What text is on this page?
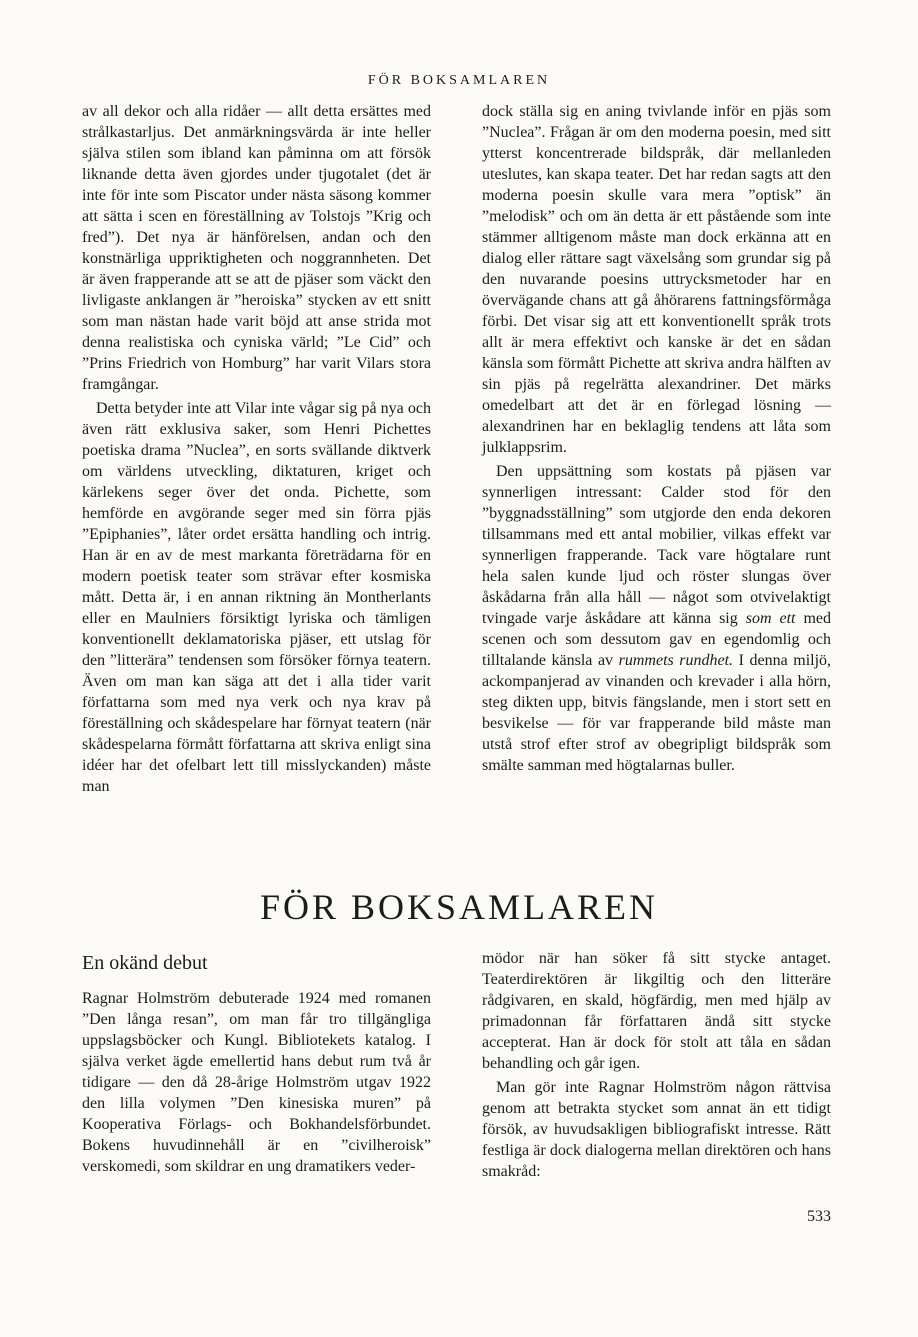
FÖR BOKSAMLAREN

av all dekor och alla ridåer — allt detta ersättes med strålkastarljus. Det anmärkningsvärda är inte heller själva stilen som ibland kan påminna om att försök liknande detta även gjordes under tjugotalet (det är inte för inte som Piscator under nästa säsong kommer att sätta i scen en föreställning av Tolstojs ”Krig och fred”). Det nya är hänförelsen, andan och den konstnärliga uppriktigheten och noggrannheten. Det är även frapperande att se att de pjäser som väckt den livligaste anklangen är ”heroiska” stycken av ett snitt som man nästan hade varit böjd att anse strida mot denna realistiska och cyniska värld; ”Le Cid” och ”Prins Friedrich von Homburg” har varit Vilars stora framgångar.

Detta betyder inte att Vilar inte vågar sig på nya och även rätt exklusiva saker, som Henri Pichettes poetiska drama ”Nuclea”, en sorts svällande diktverk om världens utveckling, diktaturen, kriget och kärlekens seger över det onda. Pichette, som hemförde en avgörande seger med sin förra pjäs ”Epiphanies”, låter ordet ersätta handling och intrig. Han är en av de mest markanta företrädarna för en modern poetisk teater som strävar efter kosmiska mått. Detta är, i en annan riktning än Montherlants eller en Maulniers försiktigt lyriska och tämligen konventionellt deklamatoriska pjäser, ett utslag för den ”litterära” tendensen som försöker förnya teatern. Även om man kan säga att det i alla tider varit författarna som med nya verk och nya krav på föreställning och skådespelare har förnyat teatern (när skådespelarna förmått författarna att skriva enligt sina idéer har det ofelbart lett till misslyckanden) måste man

dock ställa sig en aning tvivlande inför en pjäs som ”Nuclea”. Frågan är om den moderna poesin, med sitt ytterst koncentrerade bildspråk, där mellanleden uteslutes, kan skapa teater. Det har redan sagts att den moderna poesin skulle vara mera ”optisk” än ”melodisk” och om än detta är ett påstående som inte stämmer alltigenom måste man dock erkänna att en dialog eller rättare sagt växelsång som grundar sig på den nuvarande poesins uttrycksmetoder har en övervägande chans att gå åhörarens fattningsförmåga förbi. Det visar sig att ett konventionellt språk trots allt är mera effektivt och kanske är det en sådan känsla som förmått Pichette att skriva andra hälften av sin pjäs på regelrätta alexandriner. Det märks omedelbart att det är en förlegad lösning — alexandrinen har en beklaglig tendens att låta som julklappsrim.

Den uppsättning som kostats på pjäsen var synnerligen intressant: Calder stod för den ”byggnadsställning” som utgjorde den enda dekoren tillsammans med ett antal mobilier, vilkas effekt var synnerligen frapperande. Tack vare högtalare runt hela salen kunde ljud och röster slungas över åskådarna från alla håll — något som otvivelaktigt tvingade varje åskådare att känna sig som ett med scenen och som dessutom gav en egendomlig och tilltalande känsla av rummets rundhet. I denna miljö, ackompanjerad av vinanden och krevader i alla hörn, steg dikten upp, bitvis fängslande, men i stort sett en besvikelse — för var frapperande bild måste man utstå strof efter strof av obegripligt bildspråk som smälte samman med högtalarnas buller.

FÖR BOKSAMLAREN
En okänd debut

Ragnar Holmström debuterade 1924 med romanen ”Den långa resan”, om man får tro tillgängliga uppslagsböcker och Kungl. Bibliotekets katalog. I själva verket ägde emellertid hans debut rum två år tidigare — den då 28-årige Holmström utgav 1922 den lilla volymen ”Den kinesiska muren” på Kooperativa Förlags- och Bokhandelsförbundet. Bokens huvudinnehåll är en ”civilheroisk” verskomedi, som skildrar en ung dramatikers veder-

mödor när han söker få sitt stycke antaget. Teaterdirektören är likgiltig och den litteräre rådgivaren, en skald, högfärdig, men med hjälp av primadonnan får författaren ändå sitt stycke accepterat. Han är dock för stolt att tåla en sådan behandling och går igen.

Man gör inte Ragnar Holmström någon rättvisa genom att betrakta stycket som annat än ett tidigt försök, av huvudsakligen bibliografiskt intresse. Rätt festliga är dock dialogerna mellan direktören och hans smakråd:

533
